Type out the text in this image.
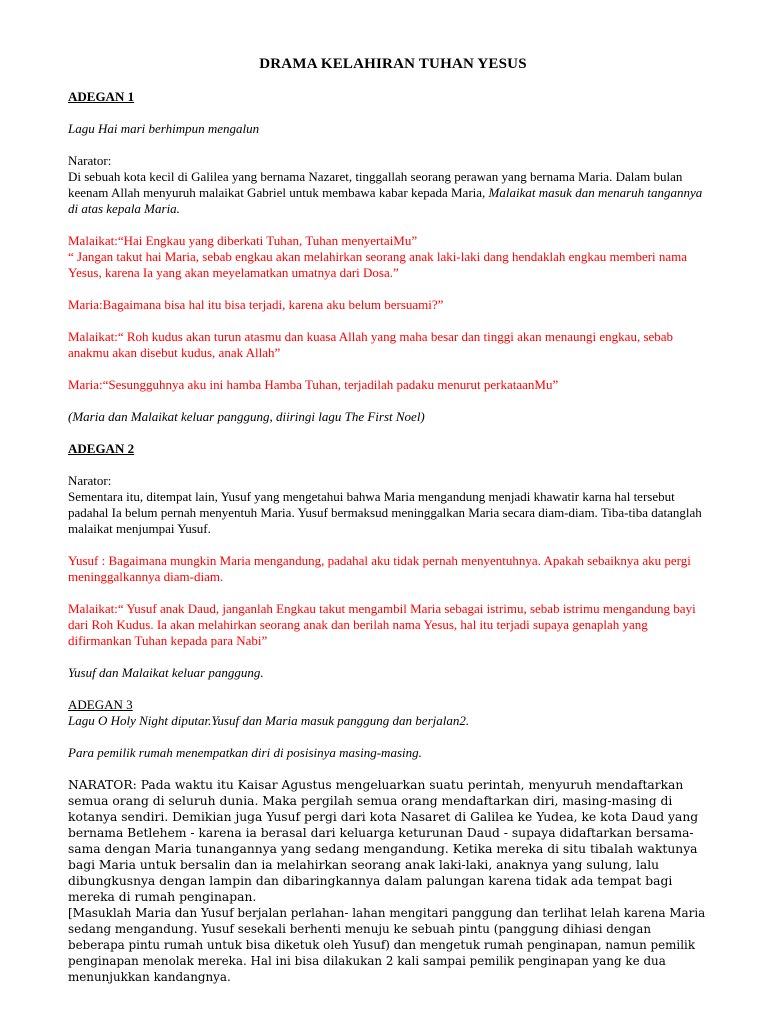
DRAMA KELAHIRAN TUHAN YESUS
ADEGAN 1

Lagu Hai mari berhimpun mengalun

Narator:
Di sebuah kota kecil di Galilea yang bernama Nazaret, tinggallah seorang perawan yang bernama Maria. Dalam bulan keenam Allah menyuruh malaikat Gabriel untuk membawa kabar kepada Maria, Malaikat masuk dan menaruh tangannya di atas kepala Maria.

Malaikat:“Hai Engkau yang diberkati Tuhan, Tuhan menyertaiMu”
“ Jangan takut hai Maria, sebab engkau akan melahirkan seorang anak laki-laki dang hendaklah engkau memberi nama Yesus, karena Ia yang akan meyelamatkan umatnya dari Dosa.”

Maria:Bagaimana bisa hal itu bisa terjadi, karena aku belum bersuami?”

Malaikat:“ Roh kudus akan turun atasmu dan kuasa Allah yang maha besar dan tinggi akan menaungi engkau, sebab anakmu akan disebut kudus, anak Allah”

Maria:“Sesungguhnya aku ini hamba Hamba Tuhan, terjadilah padaku menurut perkataanMu”

(Maria dan Malaikat keluar panggung, diiringi lagu The First Noel)

ADEGAN 2

Narator:
Sementara itu, ditempat lain, Yusuf yang mengetahui bahwa Maria mengandung menjadi khawatir karna hal tersebut padahal Ia belum pernah menyentuh Maria. Yusuf bermaksud meninggalkan Maria secara diam-diam. Tiba-tiba datanglah malaikat menjumpai Yusuf.

Yusuf : Bagaimana mungkin Maria mengandung, padahal aku tidak pernah menyentuhnya. Apakah sebaiknya aku pergi meninggalkannya diam-diam.

Malaikat:“ Yusuf anak Daud, janganlah Engkau takut mengambil Maria sebagai istrimu, sebab istrimu mengandung bayi dari Roh Kudus. Ia akan melahirkan seorang anak dan berilah nama Yesus, hal itu terjadi supaya genaplah yang difirmankan Tuhan kepada para Nabi”

Yusuf dan Malaikat keluar panggung.

ADEGAN 3

Lagu O Holy Night diputar.Yusuf dan Maria masuk panggung dan berjalan2.

Para pemilik rumah menempatkan diri di posisinya masing-masing.

NARATOR: Pada waktu itu Kaisar Agustus mengeluarkan suatu perintah, menyuruh mendaftarkan semua orang di seluruh dunia. Maka pergilah semua orang mendaftarkan diri, masing-masing di kotanya sendiri. Demikian juga Yusuf pergi dari kota Nasaret di Galilea ke Yudea, ke kota Daud yang bernama Betlehem - karena ia berasal dari keluarga keturunan Daud - supaya didaftarkan bersama-sama dengan Maria tunangannya yang sedang mengandung. Ketika mereka di situ tibalah waktunya bagi Maria untuk bersalin dan ia melahirkan seorang anak laki-laki, anaknya yang sulung, lalu dibungkusnya dengan lampin dan dibaringkannya dalam palungan karena tidak ada tempat bagi mereka di rumah penginapan.

[Masuklah Maria dan Yusuf berjalan perlahan- lahan mengitari panggung dan terlihat lelah karena Maria sedang mengandung. Yusuf sesekali berhenti menuju ke sebuah pintu (panggung dihiasi dengan beberapa pintu rumah untuk bisa diketuk oleh Yusuf) dan mengetuk rumah penginapan, namun pemilik penginapan menolak mereka. Hal ini bisa dilakukan 2 kali sampai pemilik penginapan yang ke dua menunjukkan kandangnya.
